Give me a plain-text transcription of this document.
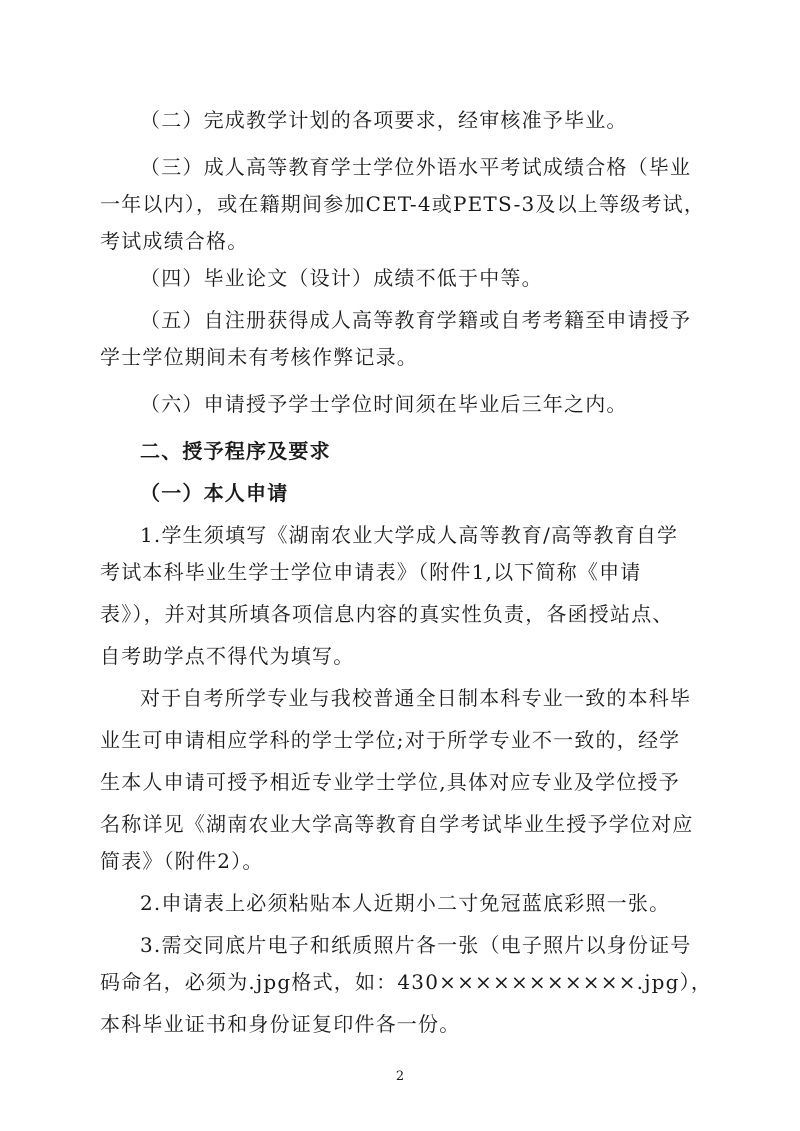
（二）完成教学计划的各项要求，经审核准予毕业。
（三）成人高等教育学士学位外语水平考试成绩合格（毕业
一年以内），或在籍期间参加CET-4或PETS-3及以上等级考试，
考试成绩合格。
（四）毕业论文（设计）成绩不低于中等。
（五）自注册获得成人高等教育学籍或自考考籍至申请授予
学士学位期间未有考核作弊记录。
（六）申请授予学士学位时间须在毕业后三年之内。
二、授予程序及要求
（一）本人申请
1.学生须填写《湖南农业大学成人高等教育/高等教育自学
考试本科毕业生学士学位申请表》（附件1,以下简称《申请
表》），并对其所填各项信息内容的真实性负责，各函授站点、
自考助学点不得代为填写。
对于自考所学专业与我校普通全日制本科专业一致的本科毕
业生可申请相应学科的学士学位;对于所学专业不一致的，经学
生本人申请可授予相近专业学士学位,具体对应专业及学位授予
名称详见《湖南农业大学高等教育自学考试毕业生授予学位对应
简表》（附件2）。
2.申请表上必须粘贴本人近期小二寸免冠蓝底彩照一张。
3.需交同底片电子和纸质照片各一张（电子照片以身份证号
码命名，必须为.jpg格式，如：430×××××××××××.jpg），
本科毕业证书和身份证复印件各一份。
2
